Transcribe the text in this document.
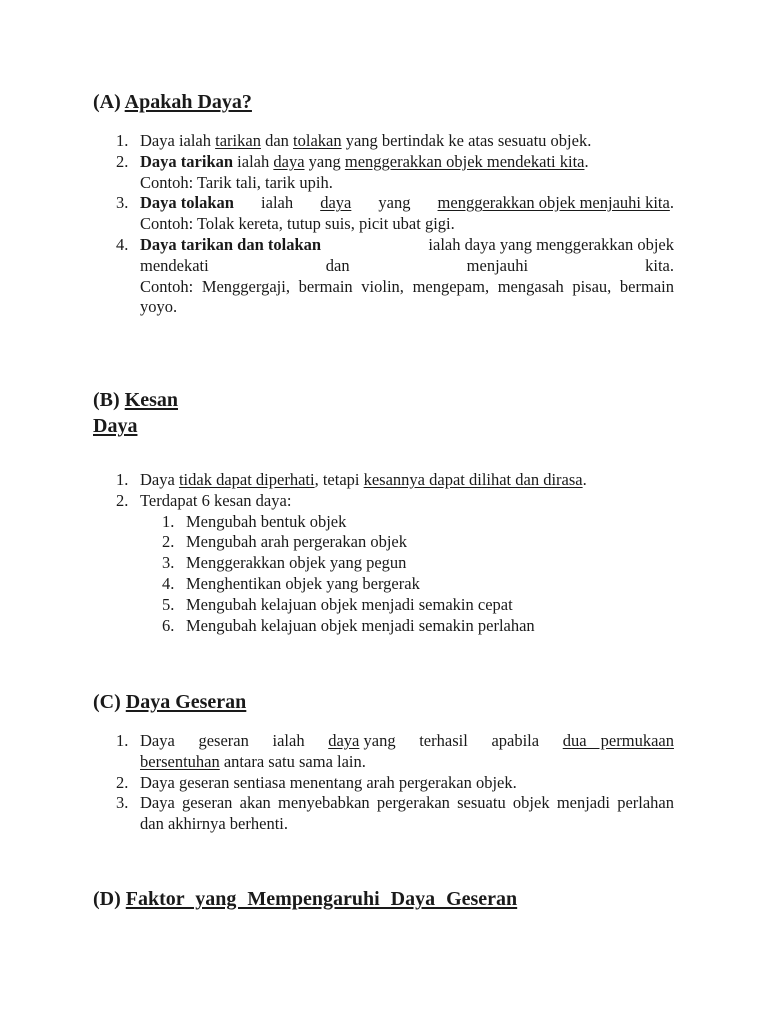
(A) Apakah Daya?
1. Daya ialah tarikan dan tolakan yang bertindak ke atas sesuatu objek.
2. Daya tarikan ialah daya yang menggerakkan objek mendekati kita.
Contoh: Tarik tali, tarik upih.
3. Daya tolakan ialah daya yang menggerakkan objek menjauhi kita.
Contoh: Tolak kereta, tutup suis, picit ubat gigi.
4. Daya tarikan dan tolakan	ialah daya yang menggerakkan objek
mendekati	dan	menjauhi	kita.
Contoh: Menggergaji, bermain violin, mengepam, mengasah pisau, bermain yoyo.
(B) Kesan
Daya
1. Daya tidak dapat diperhati, tetapi kesannya dapat dilihat dan dirasa.
2. Terdapat 6 kesan daya:
1. Mengubah bentuk objek
2. Mengubah arah pergerakan objek
3. Menggerakkan objek yang pegun
4. Menghentikan objek yang bergerak
5. Mengubah kelajuan objek menjadi semakin cepat
6. Mengubah kelajuan objek menjadi semakin perlahan
(C) Daya Geseran
1. Daya geseran ialah daya yang terhasil apabila dua permukaan
bersentuhan antara satu sama lain.
2. Daya geseran sentiasa menentang arah pergerakan objek.
3. Daya geseran akan menyebabkan pergerakan sesuatu objek menjadi perlahan dan akhirnya berhenti.
(D) Faktor yang Mempengaruhi Daya Geseran
